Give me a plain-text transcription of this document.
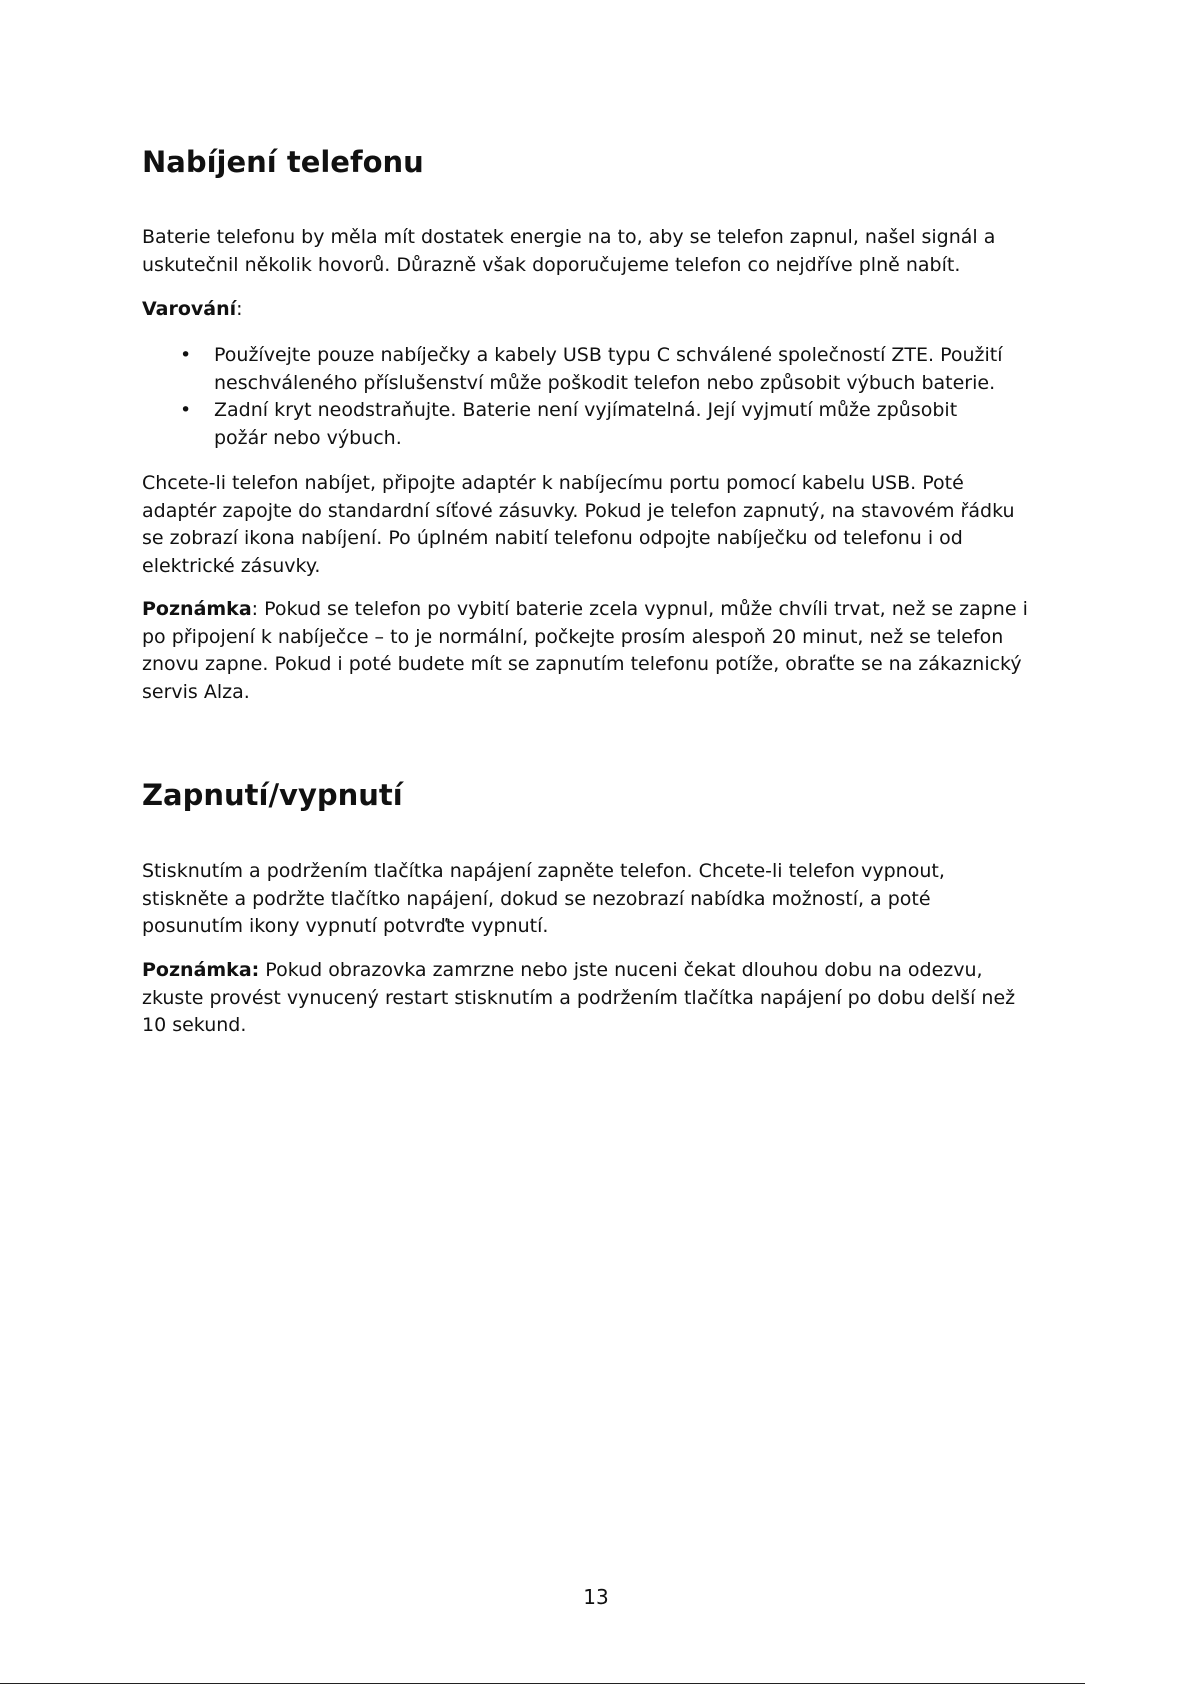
Nabíjení telefonu

Baterie telefonu by měla mít dostatek energie na to, aby se telefon zapnul, našel signál a uskutečnil několik hovorů. Důrazně však doporučujeme telefon co nejdříve plně nabít.

Varování:

• Používejte pouze nabíječky a kabely USB typu C schválené společností ZTE. Použití neschváleného příslušenství může poškodit telefon nebo způsobit výbuch baterie.
• Zadní kryt neodstraňujte. Baterie není vyjímatelná. Její vyjmutí může způsobit požár nebo výbuch.

Chcete-li telefon nabíjet, připojte adaptér k nabíjecímu portu pomocí kabelu USB. Poté adaptér zapojte do standardní síťové zásuvky. Pokud je telefon zapnutý, na stavovém řádku se zobrazí ikona nabíjení. Po úplném nabití telefonu odpojte nabíječku od telefonu i od elektrické zásuvky.

Poznámka: Pokud se telefon po vybití baterie zcela vypnul, může chvíli trvat, než se zapne i po připojení k nabíječce – to je normální, počkejte prosím alespoň 20 minut, než se telefon znovu zapne. Pokud i poté budete mít se zapnutím telefonu potíže, obraťte se na zákaznický servis Alza.

Zapnutí/vypnutí

Stisknutím a podržením tlačítka napájení zapněte telefon. Chcete-li telefon vypnout, stiskněte a podržte tlačítko napájení, dokud se nezobrazí nabídka možností, a poté posunutím ikony vypnutí potvrďte vypnutí.

Poznámka: Pokud obrazovka zamrzne nebo jste nuceni čekat dlouhou dobu na odezvu, zkuste provést vynucený restart stisknutím a podržením tlačítka napájení po dobu delší než 10 sekund.

13
